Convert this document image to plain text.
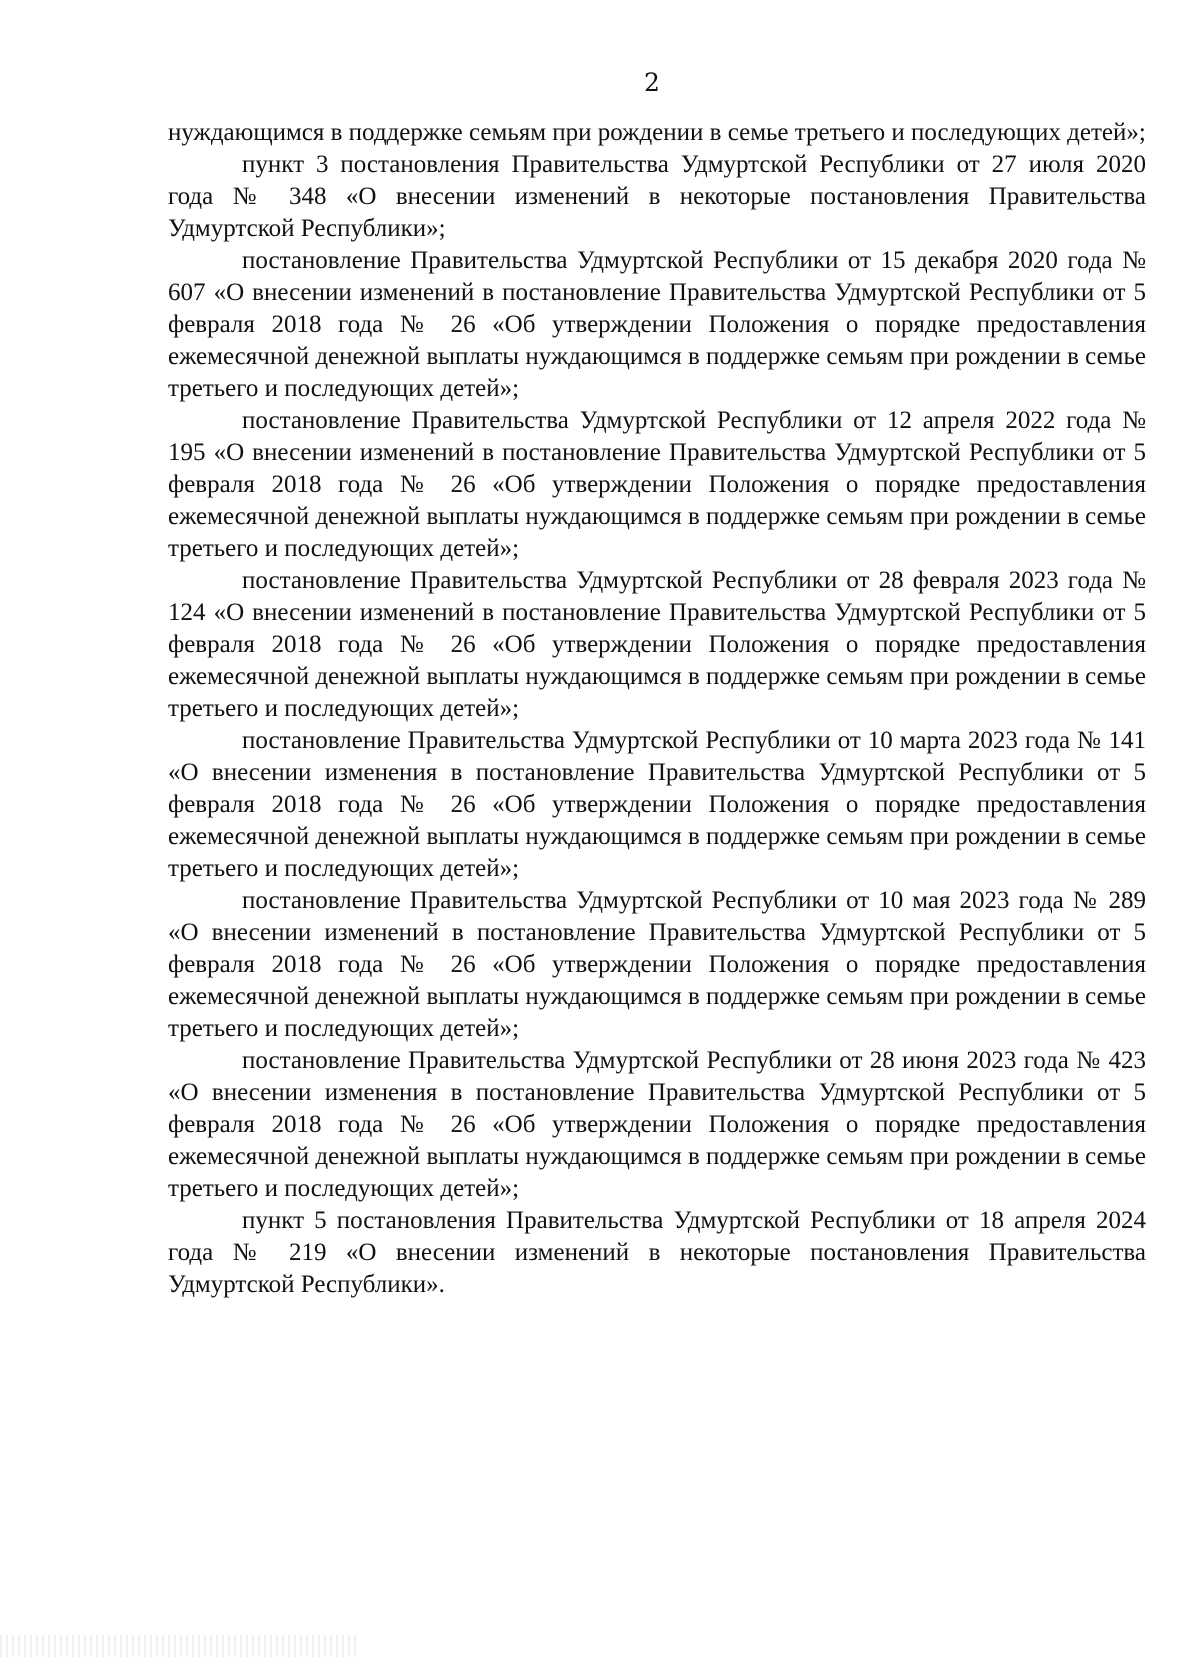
2

нуждающимся в поддержке семьям при рождении в семье третьего и последующих детей»;

пункт 3 постановления Правительства Удмуртской Республики от 27 июля 2020 года № 348 «О внесении изменений в некоторые постановления Правительства Удмуртской Республики»;

постановление Правительства Удмуртской Республики от 15 декабря 2020 года № 607 «О внесении изменений в постановление Правительства Удмуртской Республики от 5 февраля 2018 года № 26 «Об утверждении Положения о порядке предоставления ежемесячной денежной выплаты нуждающимся в поддержке семьям при рождении в семье третьего и последующих детей»;

постановление Правительства Удмуртской Республики от 12 апреля 2022 года № 195 «О внесении изменений в постановление Правительства Удмуртской Республики от 5 февраля 2018 года № 26 «Об утверждении Положения о порядке предоставления ежемесячной денежной выплаты нуждающимся в поддержке семьям при рождении в семье третьего и последующих детей»;

постановление Правительства Удмуртской Республики от 28 февраля 2023 года № 124 «О внесении изменений в постановление Правительства Удмуртской Республики от 5 февраля 2018 года № 26 «Об утверждении Положения о порядке предоставления ежемесячной денежной выплаты нуждающимся в поддержке семьям при рождении в семье третьего и последующих детей»;

постановление Правительства Удмуртской Республики от 10 марта 2023 года № 141 «О внесении изменения в постановление Правительства Удмуртской Республики от 5 февраля 2018 года № 26 «Об утверждении Положения о порядке предоставления ежемесячной денежной выплаты нуждающимся в поддержке семьям при рождении в семье третьего и последующих детей»;

постановление Правительства Удмуртской Республики от 10 мая 2023 года № 289 «О внесении изменений в постановление Правительства Удмуртской Республики от 5 февраля 2018 года № 26 «Об утверждении Положения о порядке предоставления ежемесячной денежной выплаты нуждающимся в поддержке семьям при рождении в семье третьего и последующих детей»;

постановление Правительства Удмуртской Республики от 28 июня 2023 года № 423 «О внесении изменения в постановление Правительства Удмуртской Республики от 5 февраля 2018 года № 26 «Об утверждении Положения о порядке предоставления ежемесячной денежной выплаты нуждающимся в поддержке семьям при рождении в семье третьего и последующих детей»;

пункт 5 постановления Правительства Удмуртской Республики от 18 апреля 2024 года № 219 «О внесении изменений в некоторые постановления Правительства Удмуртской Республики».
